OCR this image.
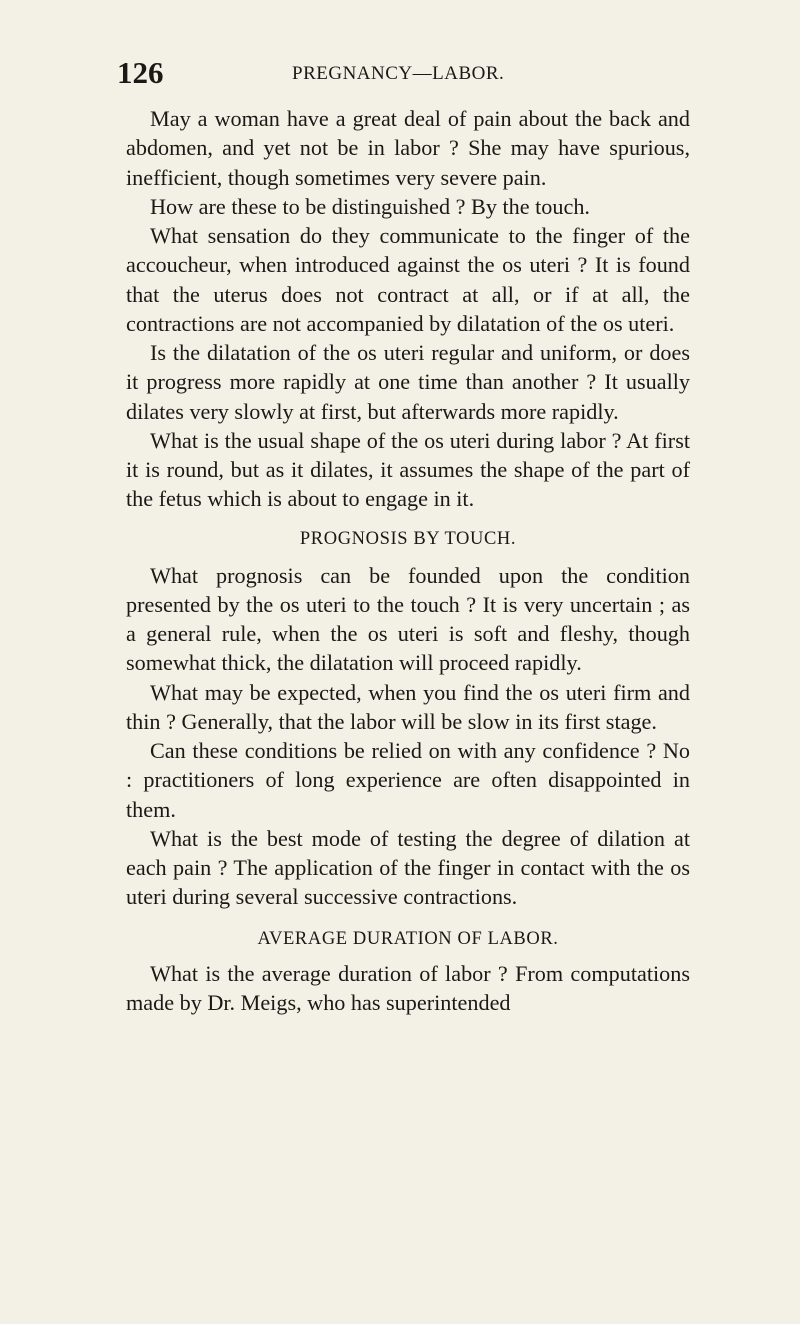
126	PREGNANCY—LABOR.

May a woman have a great deal of pain about the back and abdomen, and yet not be in labor ? She may have spurious, inefficient, though sometimes very severe pain.

How are these to be distinguished ? By the touch.

What sensation do they communicate to the finger of the accoucheur, when introduced against the os uteri ? It is found that the uterus does not contract at all, or if at all, the contractions are not accompanied by dilatation of the os uteri.

Is the dilatation of the os uteri regular and uniform, or does it progress more rapidly at one time than another ? It usually dilates very slowly at first, but afterwards more rapidly.

What is the usual shape of the os uteri during labor ? At first it is round, but as it dilates, it assumes the shape of the part of the fetus which is about to engage in it.

PROGNOSIS BY TOUCH.

What prognosis can be founded upon the condition presented by the os uteri to the touch ? It is very uncertain ; as a general rule, when the os uteri is soft and fleshy, though somewhat thick, the dilatation will proceed rapidly.

What may be expected, when you find the os uteri firm and thin ? Generally, that the labor will be slow in its first stage.

Can these conditions be relied on with any confidence ? No : practitioners of long experience are often disappointed in them.

What is the best mode of testing the degree of dilation at each pain ? The application of the finger in contact with the os uteri during several successive contractions.

AVERAGE DURATION OF LABOR.

What is the average duration of labor ? From computations made by Dr. Meigs, who has superintended
